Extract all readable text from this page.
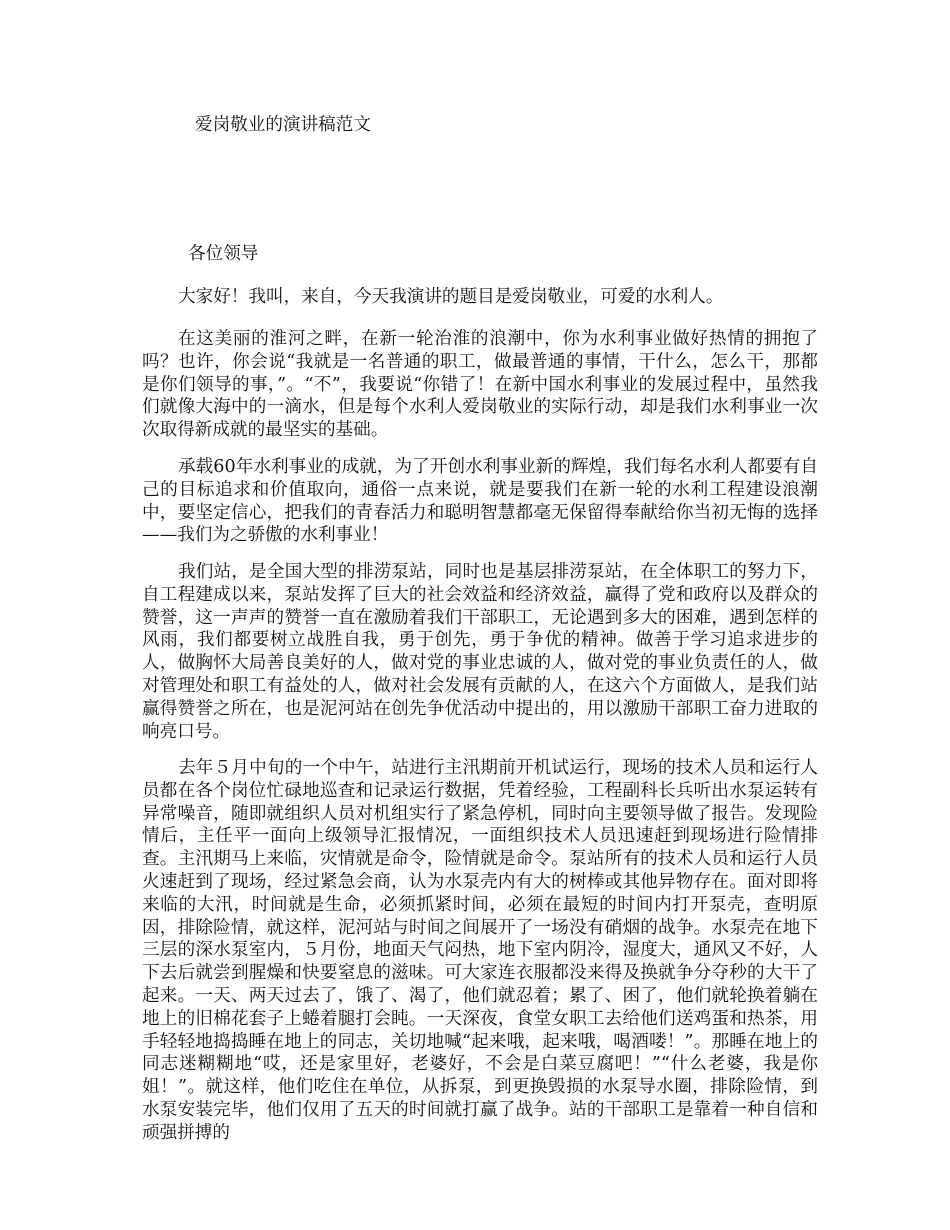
爱岗敬业的演讲稿范文
各位领导

大家好！我叫，来自，今天我演讲的题目是爱岗敬业，可爱的水利人。

在这美丽的淮河之畔，在新一轮治淮的浪潮中，你为水利事业做好热情的拥抱了吗？也许，你会说“我就是一名普通的职工，做最普通的事情，干什么，怎么干，那都是你们领导的事，”。“不”，我要说“你错了！在新中国水利事业的发展过程中，虽然我们就像大海中的一滴水，但是每个水利人爱岗敬业的实际行动，却是我们水利事业一次次取得新成就的最坚实的基础。

承载60年水利事业的成就，为了开创水利事业新的辉煌，我们每名水利人都要有自己的目标追求和价值取向，通俗一点来说，就是要我们在新一轮的水利工程建设浪潮中，要坚定信心，把我们的青春活力和聪明智慧都毫无保留得奉献给你当初无悔的选择——我们为之骄傲的水利事业！

我们站，是全国大型的排涝泵站，同时也是基层排涝泵站，在全体职工的努力下，自工程建成以来，泵站发挥了巨大的社会效益和经济效益，赢得了党和政府以及群众的赞誉，这一声声的赞誉一直在激励着我们干部职工，无论遇到多大的困难，遇到怎样的风雨，我们都要树立战胜自我，勇于创先，勇于争优的精神。做善于学习追求进步的人，做胸怀大局善良美好的人，做对党的事业忠诚的人，做对党的事业负责任的人，做对管理处和职工有益处的人，做对社会发展有贡献的人，在这六个方面做人，是我们站赢得赞誉之所在，也是泥河站在创先争优活动中提出的，用以激励干部职工奋力进取的响亮口号。

去年５月中旬的一个中午，站进行主汛期前开机试运行，现场的技术人员和运行人员都在各个岗位忙碌地巡查和记录运行数据，凭着经验，工程副科长兵听出水泵运转有异常噪音，随即就组织人员对机组实行了紧急停机，同时向主要领导做了报告。发现险情后，主任平一面向上级领导汇报情况，一面组织技术人员迅速赶到现场进行险情排查。主汛期马上来临，灾情就是命令，险情就是命令。泵站所有的技术人员和运行人员火速赶到了现场，经过紧急会商，认为水泵壳内有大的树棒或其他异物存在。面对即将来临的大汛，时间就是生命，必须抓紧时间，必须在最短的时间内打开泵壳，查明原因，排除险情，就这样，泥河站与时间之间展开了一场没有硝烟的战争。水泵壳在地下三层的深水泵室内，５月份，地面天气闷热，地下室内阴冷，湿度大，通风又不好，人下去后就尝到腥燥和快要窒息的滋味。可大家连衣服都没来得及换就争分夺秒的大干了起来。一天、两天过去了，饿了、渴了，他们就忍着；累了、困了，他们就轮换着躺在地上的旧棉花套子上蜷着腿打会盹。一天深夜，食堂女职工去给他们送鸡蛋和热茶，用手轻轻地捣捣睡在地上的同志，关切地喊“起来哦，起来哦，喝酒喽！”。那睡在地上的同志迷糊糊地“哎，还是家里好，老婆好，不会是白菜豆腐吧！”“什么老婆，我是你姐！”。就这样，他们吃住在单位，从拆泵，到更换毁损的水泵导水圈，排除险情，到水泵安装完毕，他们仅用了五天的时间就打赢了战争。站的干部职工是靠着一种自信和顽强拼搏的
